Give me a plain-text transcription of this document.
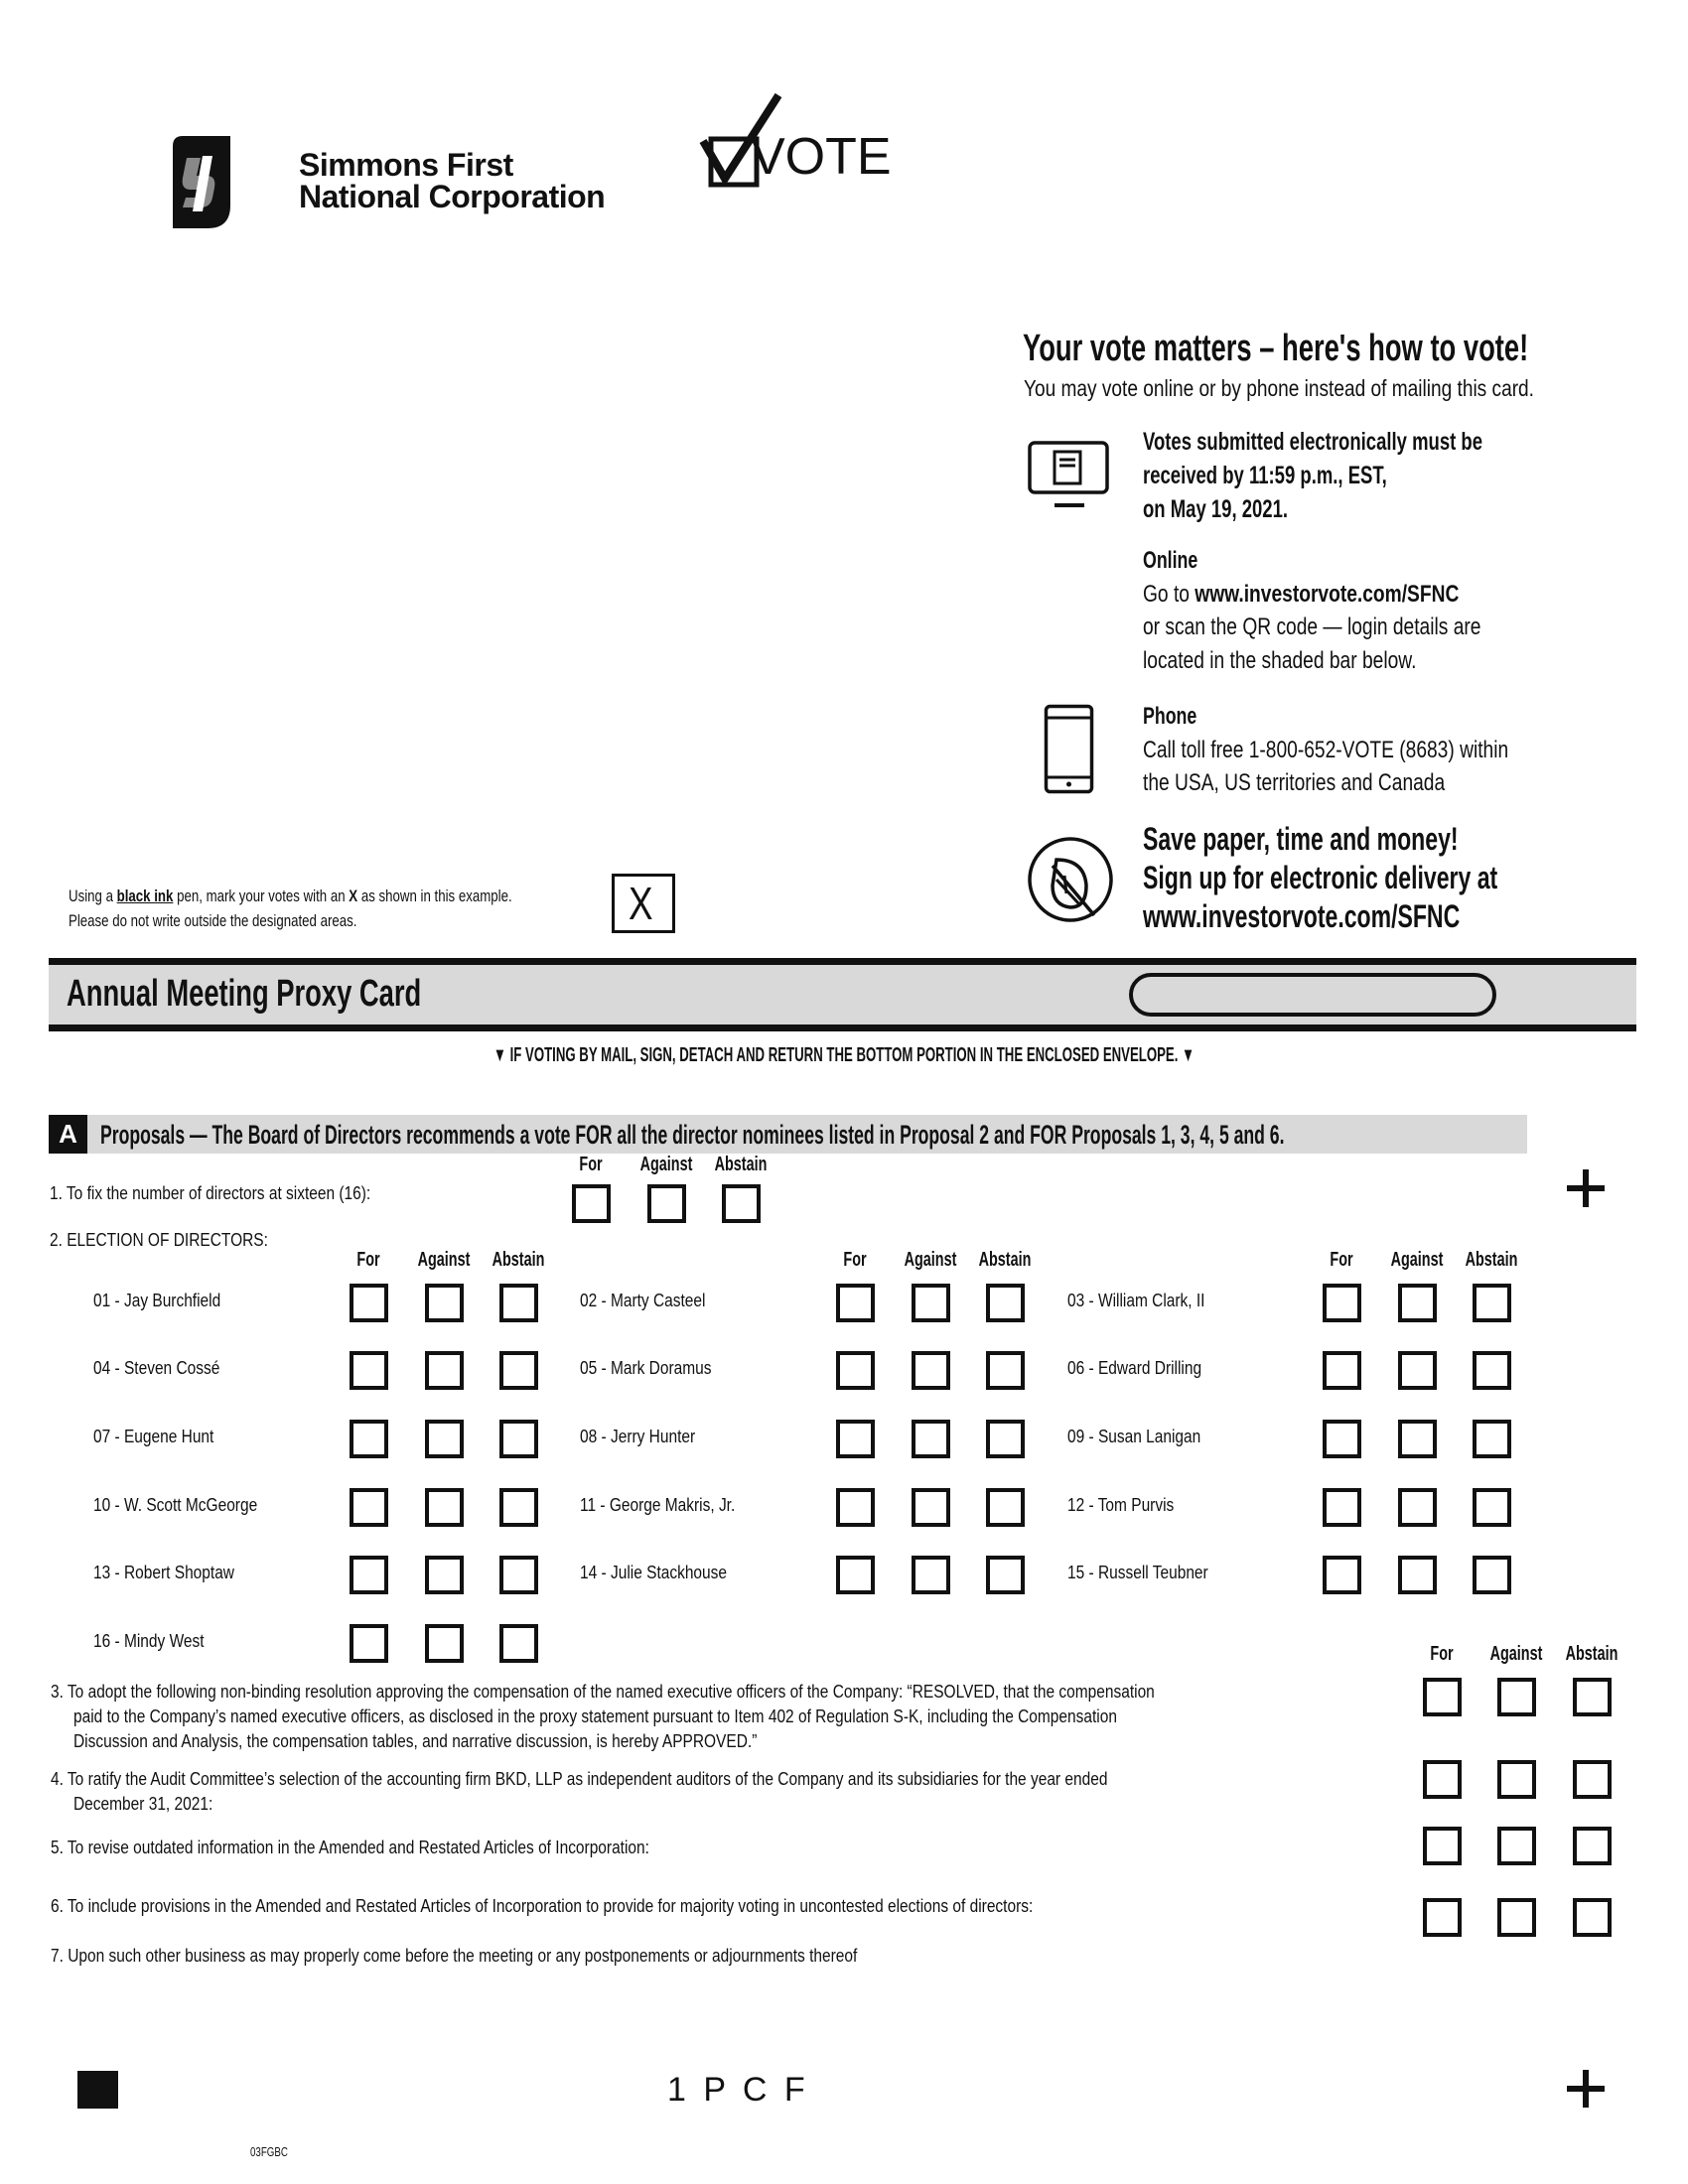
Simmons First
National Corporation
VOTE
Your vote matters – here's how to vote!
You may vote online or by phone instead of mailing this card.
Votes submitted electronically must be
received by 11:59 p.m., EST,
on May 19, 2021.
Online
Go to www.investorvote.com/SFNC
or scan the QR code — login details are
located in the shaded bar below.
Phone
Call toll free 1-800-652-VOTE (8683) within
the USA, US territories and Canada
Save paper, time and money!
Sign up for electronic delivery at
www.investorvote.com/SFNC
Using a black ink pen, mark your votes with an X as shown in this example.
Please do not write outside the designated areas.	X
Annual Meeting Proxy Card
▼ IF VOTING BY MAIL, SIGN, DETACH AND RETURN THE BOTTOM PORTION IN THE ENCLOSED ENVELOPE. ▼
A Proposals — The Board of Directors recommends a vote FOR all the director nominees listed in Proposal 2 and FOR Proposals 1, 3, 4, 5 and 6.
1. To fix the number of directors at sixteen (16):
2. ELECTION OF DIRECTORS:
For Against Abstain
For Against Abstain	For Against Abstain	For Against Abstain
01 - Jay Burchfield	02 - Marty Casteel	03 - William Clark, II
04 - Steven Cossé	05 - Mark Doramus	06 - Edward Drilling
07 - Eugene Hunt	08 - Jerry Hunter	09 - Susan Lanigan
10 - W. Scott McGeorge	11 - George Makris, Jr.	12 - Tom Purvis
13 - Robert Shoptaw	14 - Julie Stackhouse	15 - Russell Teubner
16 - Mindy West
For Against Abstain
3. To adopt the following non-binding resolution approving the compensation of the named executive officers of the Company: “RESOLVED, that the compensation
paid to the Company’s named executive officers, as disclosed in the proxy statement pursuant to Item 402 of Regulation S-K, including the Compensation
Discussion and Analysis, the compensation tables, and narrative discussion, is hereby APPROVED.”
4. To ratify the Audit Committee’s selection of the accounting firm BKD, LLP as independent auditors of the Company and its subsidiaries for the year ended
December 31, 2021:
5. To revise outdated information in the Amended and Restated Articles of Incorporation:
6. To include provisions in the Amended and Restated Articles of Incorporation to provide for majority voting in uncontested elections of directors:
7. Upon such other business as may properly come before the meeting or any postponements or adjournments thereof
1 P C F
03FGBC
